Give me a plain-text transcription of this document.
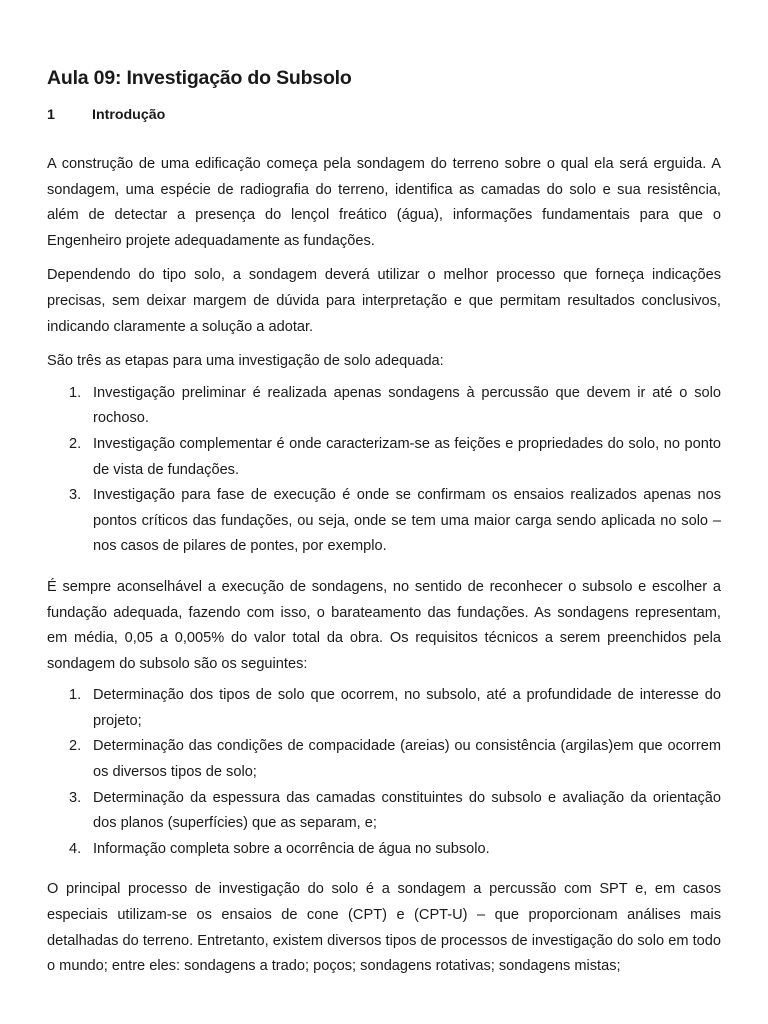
Aula 09: Investigação do Subsolo
1	Introdução

A construção de uma edificação começa pela sondagem do terreno sobre o qual ela será erguida. A sondagem, uma espécie de radiografia do terreno, identifica as camadas do solo e sua resistência, além de detectar a presença do lençol freático (água), informações fundamentais para que o Engenheiro projete adequadamente as fundações.

Dependendo do tipo solo, a sondagem deverá utilizar o melhor processo que forneça indicações precisas, sem deixar margem de dúvida para interpretação e que permitam resultados conclusivos, indicando claramente a solução a adotar.

São três as etapas para uma investigação de solo adequada:

1. Investigação preliminar é realizada apenas sondagens à percussão que devem ir até o solo rochoso.
2. Investigação complementar é onde caracterizam-se as feições e propriedades do solo, no ponto de vista de fundações.
3. Investigação para fase de execução é onde se confirmam os ensaios realizados apenas nos pontos críticos das fundações, ou seja, onde se tem uma maior carga sendo aplicada no solo – nos casos de pilares de pontes, por exemplo.

É sempre aconselhável a execução de sondagens, no sentido de reconhecer o subsolo e escolher a fundação adequada, fazendo com isso, o barateamento das fundações. As sondagens representam, em média, 0,05 a 0,005% do valor total da obra. Os requisitos técnicos a serem preenchidos pela sondagem do subsolo são os seguintes:

1. Determinação dos tipos de solo que ocorrem, no subsolo, até a profundidade de interesse do projeto;
2. Determinação das condições de compacidade (areias) ou consistência (argilas)em que ocorrem os diversos tipos de solo;
3. Determinação da espessura das camadas constituintes do subsolo e avaliação da orientação dos planos (superfícies) que as separam, e;
4. Informação completa sobre a ocorrência de água no subsolo.

O principal processo de investigação do solo é a sondagem a percussão com SPT e, em casos especiais utilizam-se os ensaios de cone (CPT) e (CPT-U) – que proporcionam análises mais detalhadas do terreno. Entretanto, existem diversos tipos de processos de investigação do solo em todo o mundo; entre eles: sondagens a trado; poços; sondagens rotativas; sondagens mistas;
